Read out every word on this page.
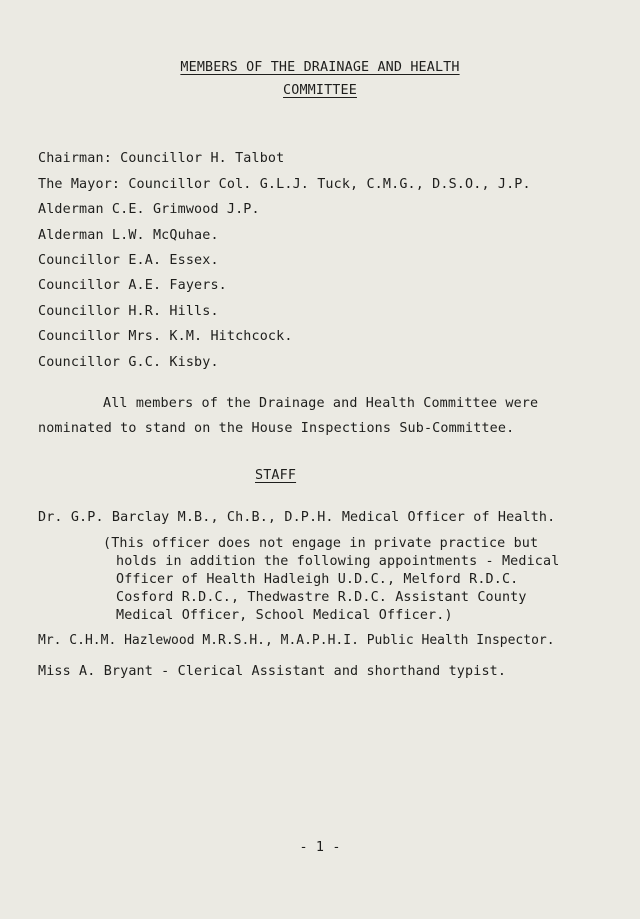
MEMBERS OF THE DRAINAGE AND HEALTH
COMMITTEE
Chairman: Councillor H. Talbot
The Mayor: Councillor Col. G.L.J. Tuck, C.M.G., D.S.O., J.P.
Alderman C.E. Grimwood J.P.
Alderman L.W. McQuhae.
Councillor E.A. Essex.
Councillor A.E. Fayers.
Councillor H.R. Hills.
Councillor Mrs. K.M. Hitchcock.
Councillor G.C. Kisby.
All members of the Drainage and Health Committee were
nominated to stand on the House Inspections Sub-Committee.
STAFF
Dr. G.P. Barclay M.B., Ch.B., D.P.H. Medical Officer of Health.
(This officer does not engage in private practice but
holds in addition the following appointments - Medical
Officer of Health Hadleigh U.D.C., Melford R.D.C.
Cosford R.D.C., Thedwastre R.D.C. Assistant County
Medical Officer, School Medical Officer.)
Mr. C.H.M. Hazlewood M.R.S.H., M.A.P.H.I. Public Health Inspector.
Miss A. Bryant - Clerical Assistant and shorthand typist.
- 1 -
